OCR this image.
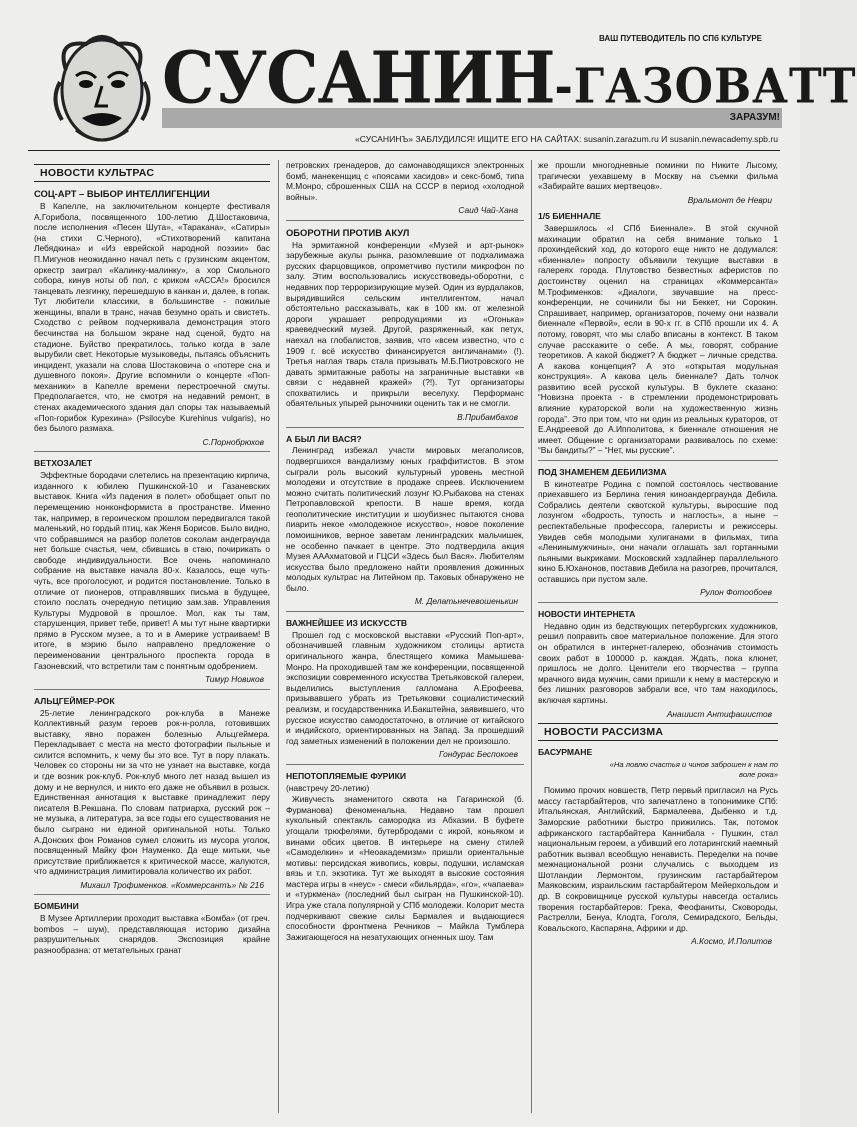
ВАШ ПУТЕВОДИТЕЛЬ ПО СПб КУЛЬТУРЕ
СУСАНИН-ГАЗОВАТТ
ЗАРАЗУМ!
«СУСАНИНЪ» ЗАБЛУДИЛСЯ! ИЩИТЕ ЕГО НА САЙТАХ: susanin.zarazum.ru И susanin.newacademy.spb.ru
НОВОСТИ КУЛЬТРАС
СОЦ-АРТ – ВЫБОР ИНТЕЛЛИГЕНЦИИ

В Капелле, на заключительном концерте фестиваля А.Горибола, посвященного 100-летию Д.Шостаковича, после исполнения «Песен Шута», «Тараканa», «Сатиры» (на стихи С.Черного), «Стихотворений капитана Лебядкина» и «Из еврейской народной поэзии» бас П.Мигунов неожиданно начал петь с грузинским акцентом, оркестр заиграл «Калинку-малинку», а хор Смольного собора, кинув ноты об пол, с криком «АССА!» бросился танцевать лезгинку, перешедшую в канкан и, далее, в гопак. Тут любители классики, в большинстве - пожилые женщины, впали в транс, начав безумно орать и свистеть. Сходство с рейвом подчеркивала демонстрация этого бесчинства на большом экране над сценой, будто на стадионе. Буйство прекратилось, только когда в зале вырубили свет. Некоторые музыковеды, пытаясь объяснить инцидент, указали на слова Шостаковича о «потере сна и душевного покоя». Другие вспомнили о концерте «Поп-механики» в Капелле времени перестроечной смуты. Предполагается, что, не смотря на недавний ремонт, в стенах академического здания дал споры так называемый «Поп-горибок Курехина» (Psilocybe Kurehinus vulgaris), но без былого размаха.

С.Порнобрюхов
ВЕТХОЗАЛЕТ

Эффектные бородачи слетелись на презентацию кирпича, изданного к юбилею Пушкинской-10 и Газаневских выставок. Книга «Из падения в полет» обобщает опыт по перемещению нонконформиста в пространстве. Именно так, например, в героическом прошлом передвигался такой маленький, но гордый птиц, как Женя Борисов. Было видно, что собравшимся на разбор полетов соколам андеграунда нет больше счастья, чем, сбившись в стаю, почирикать о свободе индивидуальности. Все очень напоминало собрание на выставке начала 80-х. Казалось, еще чуть-чуть, все проголосуют, и родится постановление. Только в отличие от пионеров, отправлявших письма в будущее, стоило послать очередную петицию зам.зав. Управления Культуры Мудровой в прошлое. Мол, как ты там, старушенция, привет тебе, привет! А мы тут ныне квартирки прямо в Русском музее, а то и в Америке устраиваем! В итоге, в мэрию было направлено предложение о переименовании центрального проспекта города в Газоневский, что встретили там с понятным одобрением.

Тимур Новиков
АЛЬЦГЕЙМЕР-РОК

25-летие ленинградского рок-клуба в Манеже Коллективный разум героев рок-н-ролла, готовивших выставку, явно поражен болезнью Альцгеймера. Перекладывает с места на место фотографии пыльные и силится вспомнить, к чему бы это все. Тут в пору плакать. Человек со стороны ни за что не узнает на выставке, когда и где возник рок-клуб. Рок-клуб много лет назад вышел из дому и не вернулся, и никто его даже не объявил в розыск. Единственная аннотация к выставке принадлежит перу писателя В.Рекшана. По словам патриарха, русский рок – не музыка, а литература, за все годы его существования не было сыграно ни единой оригинальной ноты. Только А.Донских фон Романов сумел сложить из мусора уголок, посвященный Майку фон Науменко. Да еще митьки, чье присутствие приближается к критической массе, жалуются, что администрация лимитировала количество их работ.

Михаил Трофименков. «Коммерсантъ» № 216
БОМБИНИ

В Музее Артиллерии проходит выставка «Бомба» (от греч. bombos – шум), представляющая историю дизайна разрушительных снарядов. Экспозиция крайне разнообразна: от метательных гранат

петровских гренадеров, до самонаводящихся электронных бомб, манекенщиц с «поясами хасидов» и секс-бомб, типа М.Монро, сброшенных США на СССР в период «холодной войны».

Саид Чай-Хана
ОБОРОТНИ ПРОТИВ АКУЛ

На эрмитажной конференции «Музей и арт-рынок» зарубежные акулы рынка, разомлевшие от подхалимажа русских фарцовщиков, опрометчиво пустили микрофон по залу. Этим воспользовались искусствоведы-оборотни, с недавних пор терроризирующие музей. Один из вурдалаков, вырядившийся сельским интеллигентом, начал обстоятельно рассказывать, как в 100 км. от железной дороги украшает репродукциями из «Огонька» краеведческий музей. Другой, разряженный, как петух, наехал на глобалистов, заявив, что «всем известно, что с 1909 г. всё искусство финансируется англичанами» (!). Третья наглая тварь стала призывать М.Б.Пиотровского не давать эрмитажные работы на заграничные выставки «в связи с недавней кражей» (?!). Тут организаторы спохватились и прикрыли веселуху. Перформанс обаятельных упырей рыночники оценить так и не смогли.

В.Прибамбахов
А БЫЛ ЛИ ВАСЯ?

Ленинград избежал участи мировых мегаполисов, подвергшихся вандализму юных граффитистов. В этом сыграли роль высокий культурный уровень местной молодежи и отсутствие в продаже спреев. Исключением можно считать политический лозунг Ю.Рыбакова на стенах Петропавловской крепости. В наше время, когда геополитические институции и шоубизнес пытаются снова пиарить некое «молодежное искусство», новое поколение помоишников, верное заветам ленинградских мальчишек, не особенно пачкает в центре. Это подтвердила акция Музея АААхматовой и ГЦСИ «Здесь был Вася». Любителям искусства было предложено найти проявления дожинных молодых культрас на Литейном пр. Таковых обнаружено не было.

М. Делатьнечевошенькин
ВАЖНЕЙШЕЕ ИЗ ИСКУССТВ

Прошел год с московской выставки «Русский Поп-арт», обозначившей главным художником столицы артиста оригинального жанра, блестящего комика Мамышева-Монро. На проходившей там же конференции, посвященной экспозиции современного искусства Третьяковской галереи, выделились выступления галломана А.Ерофеева, призывавшего убрать из Третьяковки социалистический реализм, и государственника И.Бакштейна, заявившего, что русское искусство самодостаточно, в отличие от китайского и индийского, ориентированных на Запад. За прошедший год заметных изменений в положении дел не произошло.

Гондурас Беспокоев
НЕПОТОПЛЯЕМЫЕ ФУРИКИ
(навстречу 20-летию)

Живучесть знаменитого сквота на Гагаринской (б. Фурманова) феноменальна. Недавно там прошел кукольный спектакль самородка из Абхазии. В буфете угощали трюфелями, бутербродами с икрой, коньяком и винами обсих цветов. В интерьере на смену стилей «Самоделкин» и «Неоакадемизм» пришли ориентальные мотивы: персидская живопись, ковры, подушки, исламская вязь и т.п. экзотика. Тут же выходят в высокие состояния мастера игры в «неус» - смеси «бильярда», «го», «чапаева» и «туркмена» (последний был сыгран на Пушкинской-10). Игра уже стала популярной у СПб молодежи. Колорит места подчеркивают свежие силы Бармалея и выдающиеся способности фронтмена Речников – Майкла Тумблера Зажигающегося на незатухающих огненных шоу. Там

же прошли многодневные поминки по Никите Лысому, трагически уехавшему в Москву на съемки фильма «Забирайте ваших мертвецов».

Вральмонт де Неври
1/5 БИЕННАЛЕ

Завершилось «I СПб Биеннале». В этой скучной махинации обратил на себя внимание только 1 прохиндейский ход, до которого еще никто не додумался: «биеннале» попросту объявили текущие выставки в галереях города. Плутовство безвестных аферистов по достоинству оценил на страницах «Коммерсанта» М.Трофименков: «Диалоги, звучавшие на пресс-конференции, не сочинили бы ни Беккет, ни Сорокин. Спрашивает, например, организаторов, почему они назвали биеннале «Первой», если в 90-х гг. в СПб прошли их 4. А потому, говорят, что мы слабо вписаны в контекст. В таком случае расскажите о себе. А мы, говорят, собрание теоретиков. А какой бюджет? А бюджет – личные средства. А какова концепция? А это «открытая модульная конструкция». А какова цель биеннале? Дать толчок развитию всей русской культуры. В буклете сказано: “Новизна проекта - в стремлении продемонстрировать влияние кураторской воли на художественную жизнь города”. Это при том, что ни один из реальных кураторов, от Е.Андреевой до А.Ипполитова, к биеннале отношения не имеет. Общение с организаторами развивалось по схеме: “Вы бандиты?” – “Нет, мы русские”.

ПОД ЗНАМЕНЕМ ДЕБИЛИЗМА

В кинотеатре Родина с помпой состоялось чествование приехавшего из Берлина гения киноандерграунда Дебила. Собрались деятели сквотской культуры, выросшие под лозунгом «бодрость, тупость и наглость», а ныне – респектабельные профессора, галеристы и режиссеры. Увидев себя молодыми хулиганами в фильмах, типа «Ленинымужчины», они начали оглашать зал гортанными пьяными выкриками. Московский хэдлайнер параллельного кино Б.Юханонов, поставив Дебила на разогрев, прочитался, оставшись при пустом зале.

Рулон Фотообоев
НОВОСТИ ИНТЕРНЕТА

Недавно один из бедствующих петербургских художников, решил поправить свое материальное положение. Для этого он обратился в интернет-галерею, обозначив стоимость своих работ в 100000 р. каждая. Ждать, пока клюнет, пришлось не долго. Ценители его творчества – группа мрачного вида мужчин, сами пришли к нему в мастерскую и без лишних разговоров забрали все, что там находилось, включая картины.

Анашист Антифашистов
НОВОСТИ РАССИЗМА
БАСУРМАНЕ
«На ловлю счастья и чинов заброшен к нам по воле рока»

Помимо прочих новшеств, Петр первый пригласил на Русь массу гастарбайтеров, что запечатлено в топонимике СПб: Итальянская, Английский, Бармалеева, Дыбенко и т.д. Заморские работники быстро прижились. Так, потомок африканского гастарбайтера Каннибала - Пушкин, стал национальным героем, а убивший его лотарингский наемный работник вызвал всеобщую ненависть. Переделки на почве межнациональной розни случались с выходцем из Шотландии Лермонтом, грузинским гастарбайтером Маяковским, израильским гастарбайтером Мейерхольдом и др. В сокровищнице русской культуры навсегда остались творения гостарбайтеров: Грека, Феофаниты, Сковороды, Растрелли, Бенуа, Клодта, Гоголя, Семирадского, Бельды, Ковальского, Каспаряна, Африки и др.

А.Космо, И.Политов
